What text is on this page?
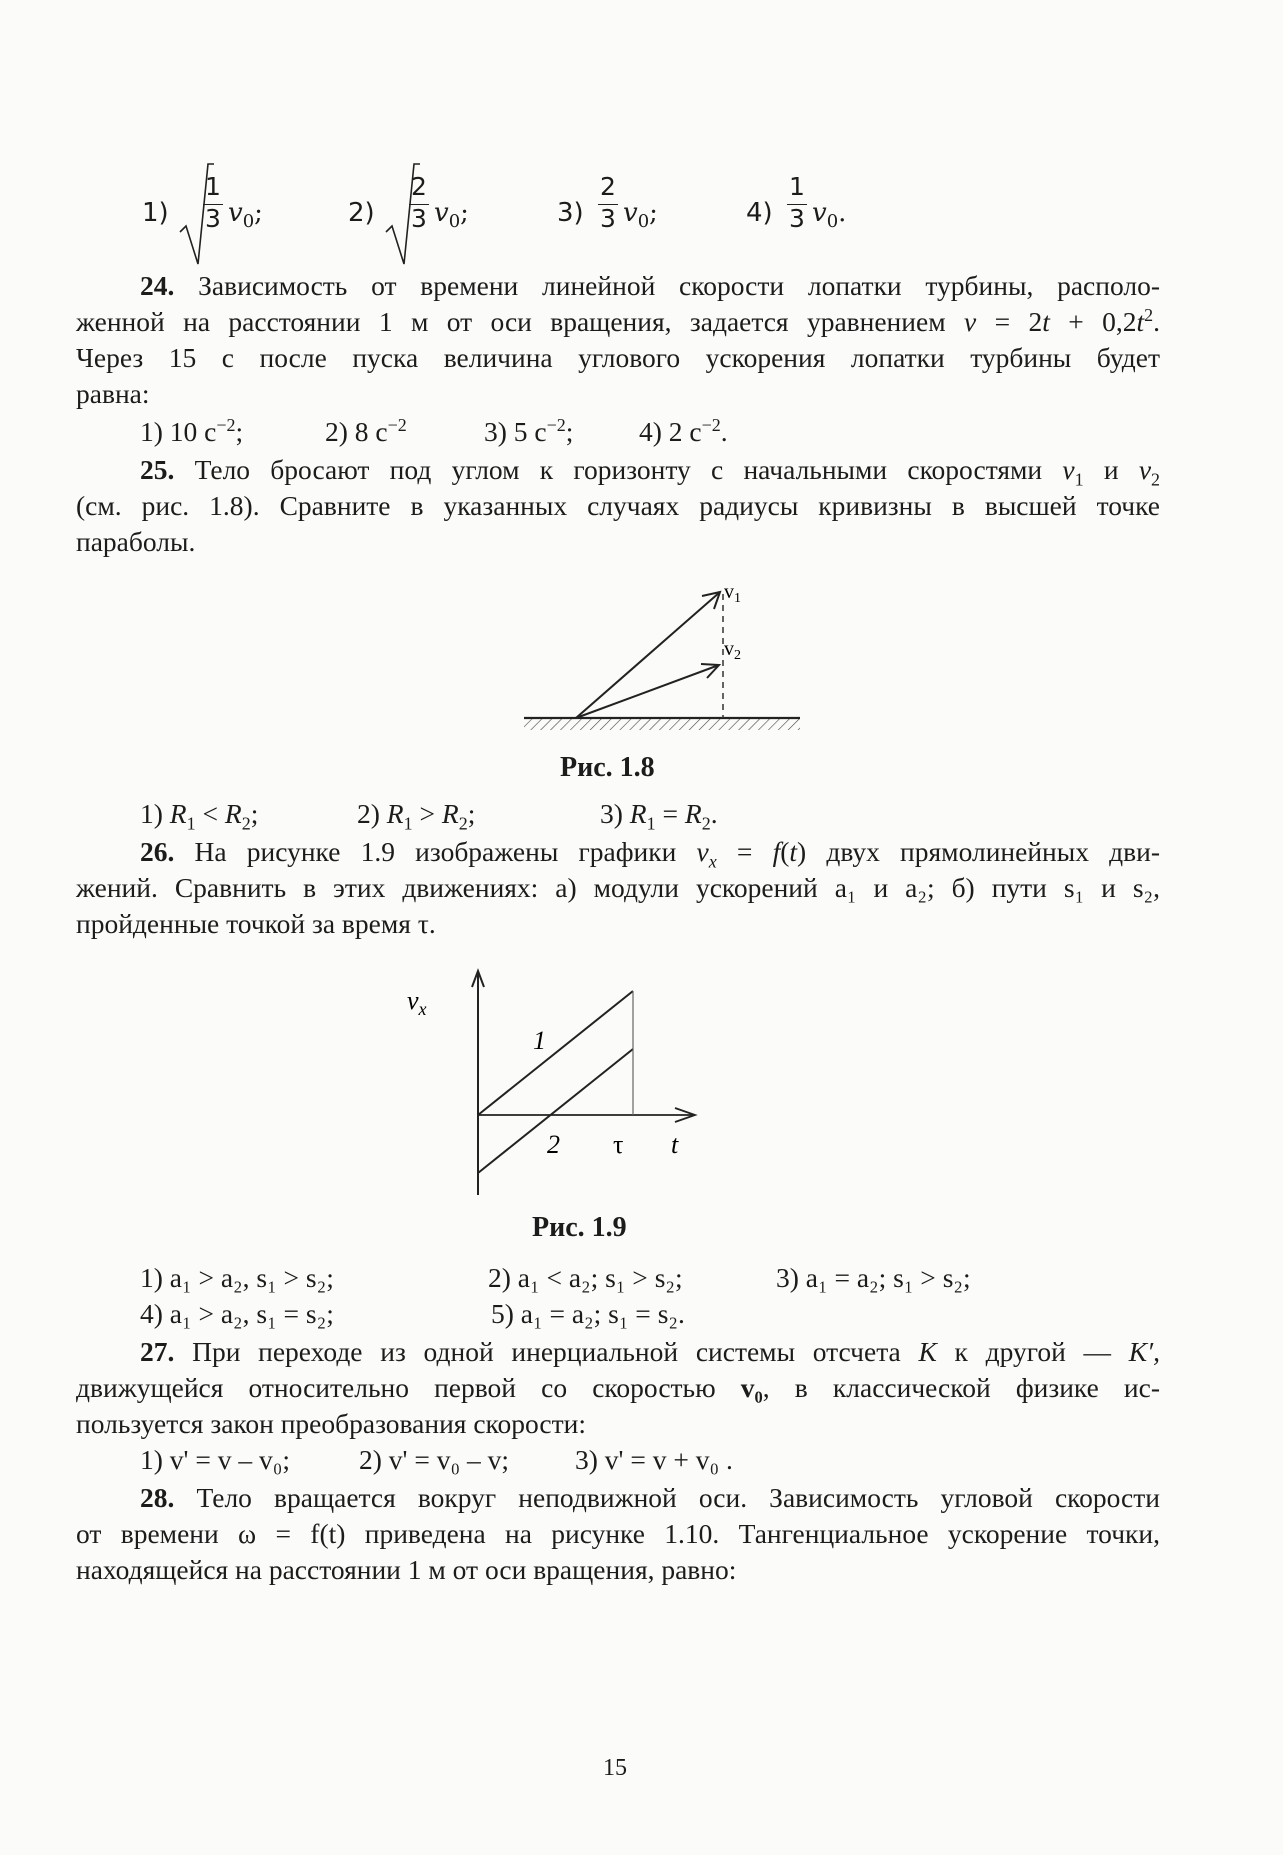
1)
1
3 $v_0$;	2)
2
3 $v_0$;	3)
2
3 $v_0$;	4)
1
3 $v_0$.
24. Зависимость от времени линейной скорости лопатки турбины, располо-
женной на расстоянии 1 м от оси вращения, задается уравнением $v = 2t + 0,2t^2$.
Через 15 с после пуска величина углового ускорения лопатки турбины будет
равна:
1) 10 $с^{-2}$;	2) 8 $с^{-2}$	3) 5 $с^{-2}$; 4) 2 $с^{-2}$.
25. Тело бросают под углом к горизонту с начальными скоростями $v_1$ и $v_2$
(см. рис. 1.8). Сравните в указанных случаях радиусы кривизны в высшей точке
параболы.
$v_1$
$v_2$
Рис. 1.8
1) $R_1 < R_2$;	2) $R_1 > R_2$;	3) $R_1 = R_2$.
26. На рисунке 1.9 изображены графики $v_x = f(t)$ двух прямолинейных дви-
жений. Сравнить в этих движениях: а) модули ускорений a₁ и a₂; б) пути s₁ и s₂,
пройденные точкой за время τ.
$v_x$
1
2 τ t
Рис. 1.9
1) a₁ > a₂, s₁ > s₂;	2) a₁ < a₂; s₁ > s₂;	3) a₁ = a₂; s₁ > s₂;
4) a₁ > a₂, s₁ = s₂;	5) a₁ = a₂; s₁ = s₂.
27. При переходе из одной инерциальной системы отсчета K к другой — K′,
движущейся относительно первой со скоростью v₀, в классической физике ис-
пользуется закон преобразования скорости:
1) v' = v – v₀;	2) v' = v₀ – v; 3) v' = v + v₀ .
28. Тело вращается вокруг неподвижной оси. Зависимость угловой скорости
от времени ω = f(t) приведена на рисунке 1.10. Тангенциальное ускорение точки,
находящейся на расстоянии 1 м от оси вращения, равно:
15
